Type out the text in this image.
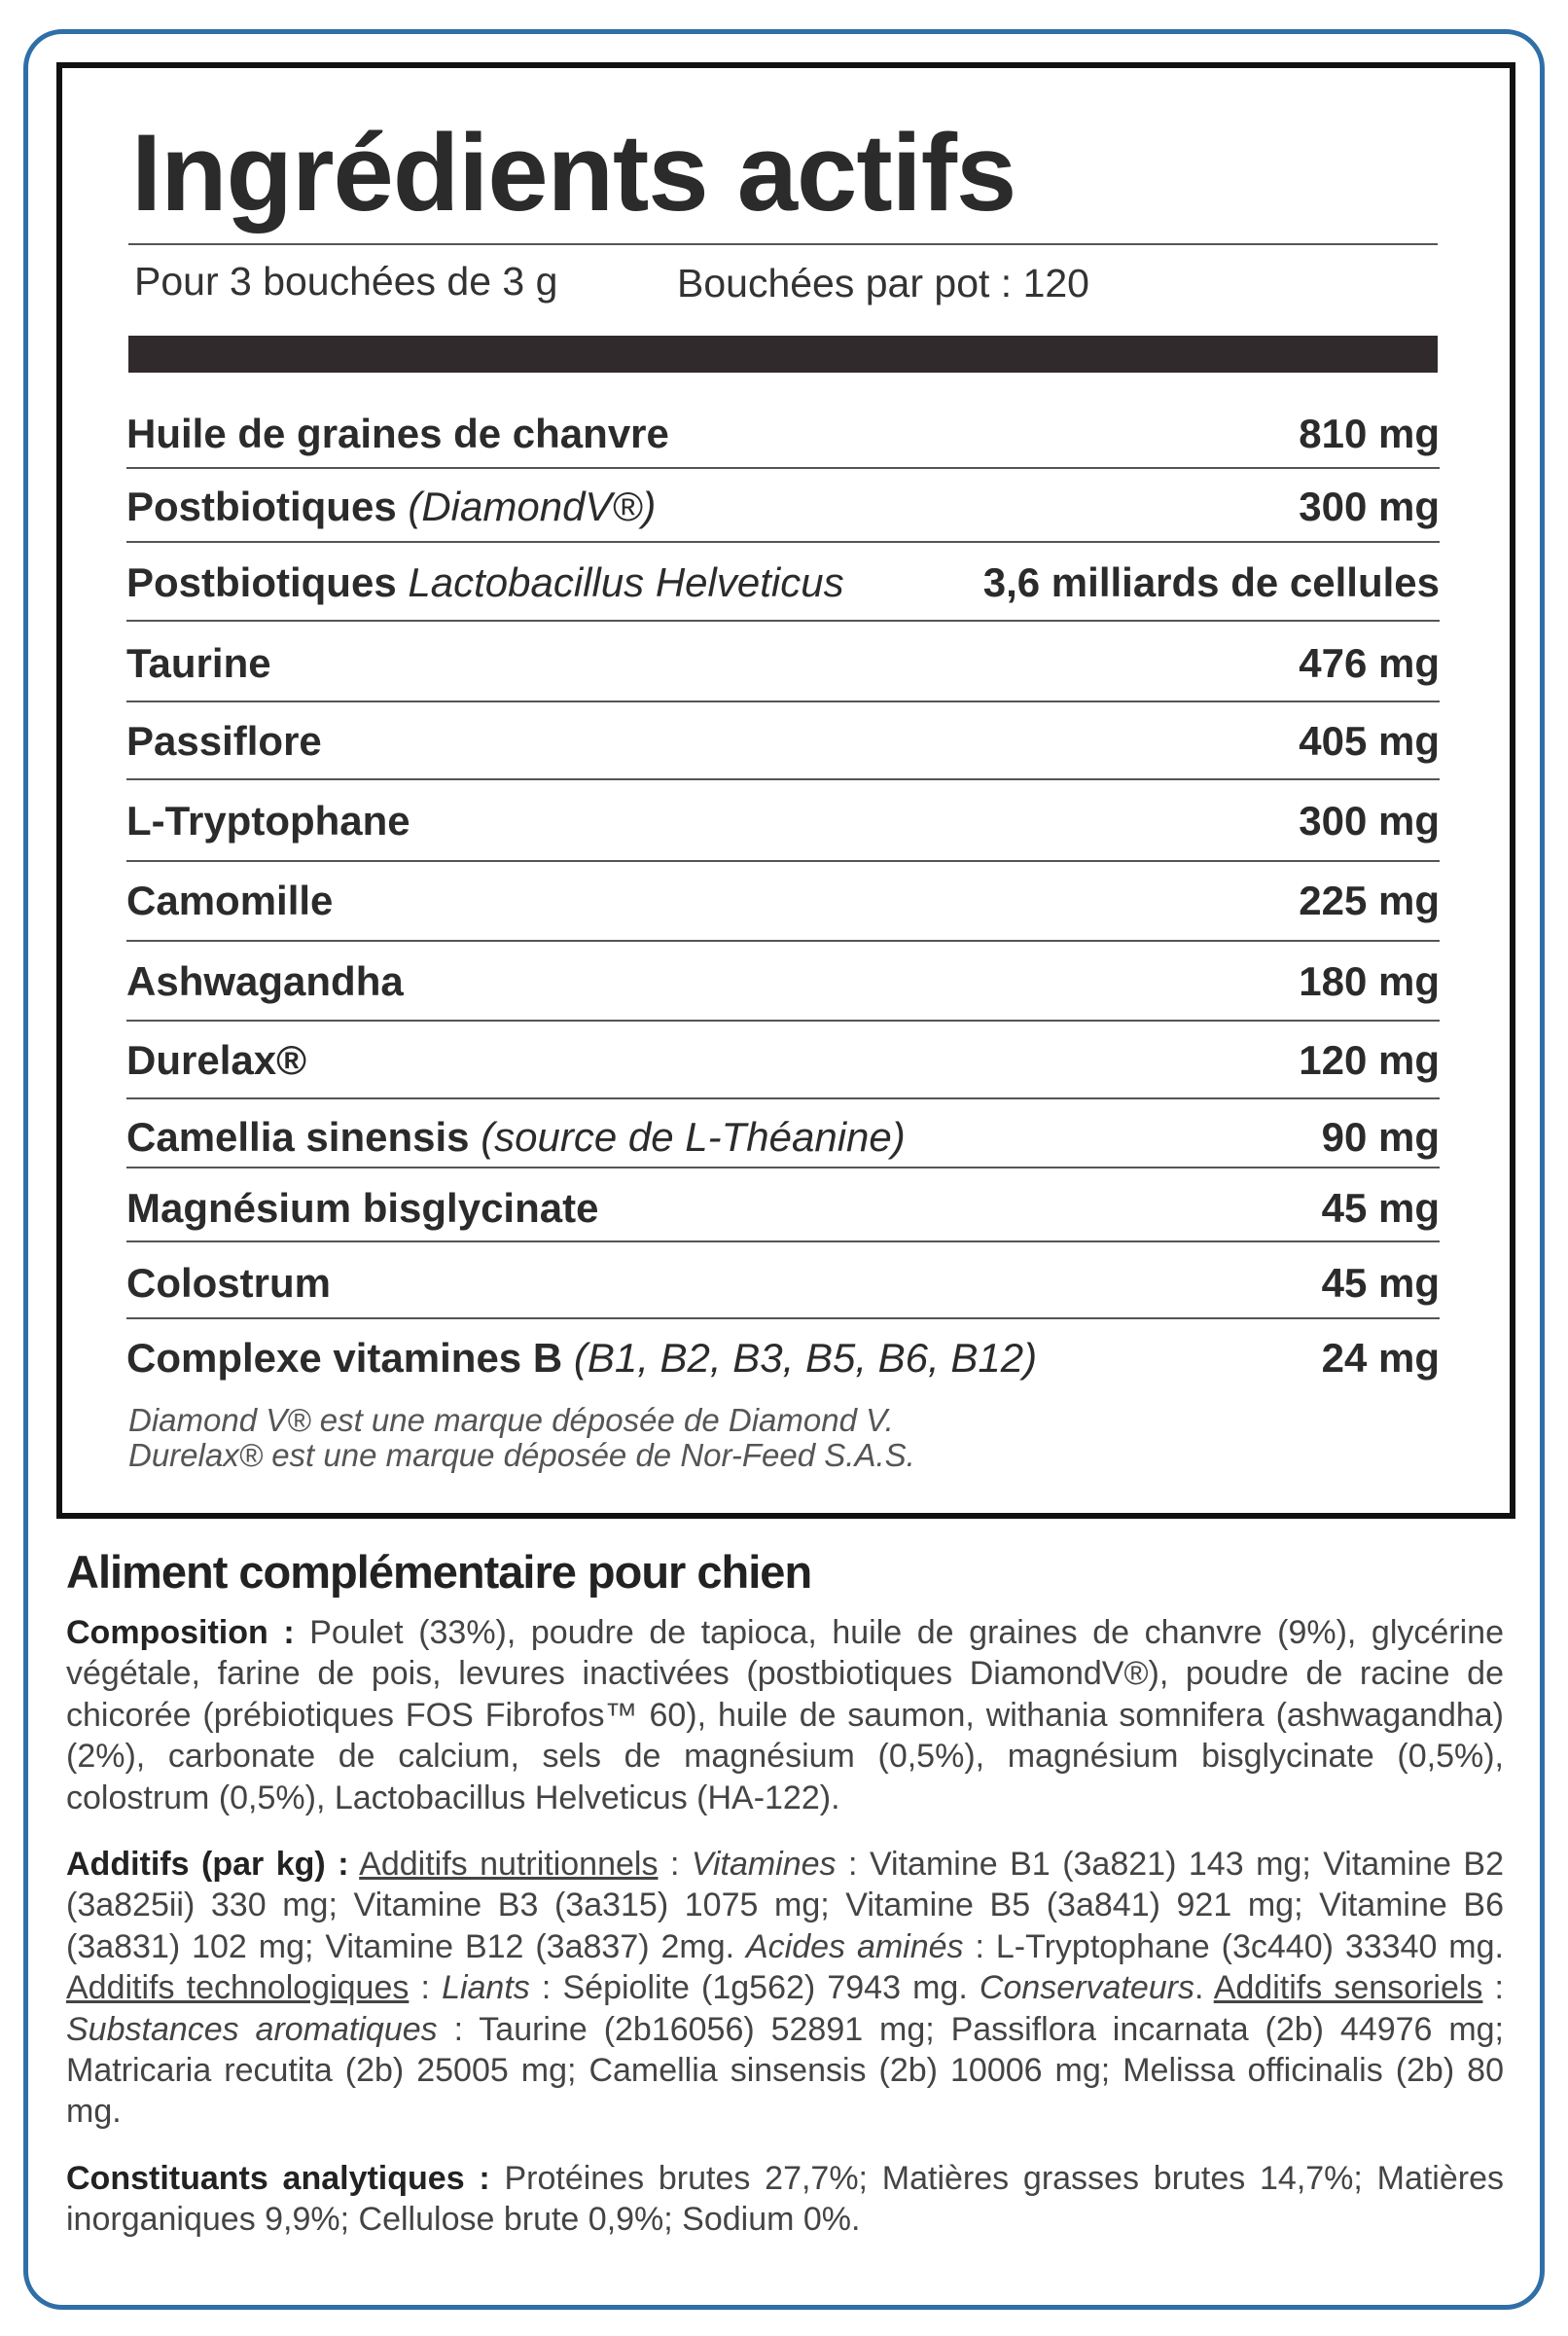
Ingrédients actifs
Pour 3 bouchées de 3 g	Bouchées par pot : 120
Huile de graines de chanvre	810 mg
Postbiotiques (DiamondV®)	300 mg
Postbiotiques Lactobacillus Helveticus	3,6 milliards de cellules
Taurine	476 mg
Passiflore	405 mg
L-Tryptophane	300 mg
Camomille	225 mg
Ashwagandha	180 mg
Durelax®	120 mg
Camellia sinensis (source de L-Théanine)	90 mg
Magnésium bisglycinate	45 mg
Colostrum	45 mg
Complexe vitamines B (B1, B2, B3, B5, B6, B12)	24 mg
Diamond V® est une marque déposée de Diamond V.
Durelax® est une marque déposée de Nor-Feed S.A.S.
Aliment complémentaire pour chien

Composition : Poulet (33%), poudre de tapioca, huile de graines de chanvre (9%), glycérine végétale, farine de pois, levures inactivées (postbiotiques DiamondV®), poudre de racine de chicorée (prébiotiques FOS Fibrofos™ 60), huile de saumon, withania somnifera (ashwagandha) (2%), carbonate de calcium, sels de magnésium (0,5%), magnésium bisglycinate (0,5%), colostrum (0,5%), Lactobacillus Helveticus (HA-122).

Additifs (par kg) : Additifs nutritionnels : Vitamines : Vitamine B1 (3a821) 143 mg; Vitamine B2 (3a825ii) 330 mg; Vitamine B3 (3a315) 1075 mg; Vitamine B5 (3a841) 921 mg; Vitamine B6 (3a831) 102 mg; Vitamine B12 (3a837) 2mg. Acides aminés : L-Tryptophane (3c440) 33340 mg. Additifs technologiques : Liants : Sépiolite (1g562) 7943 mg. Conservateurs. Additifs sensoriels : Substances aromatiques : Taurine (2b16056) 52891 mg; Passiflora incarnata (2b) 44976 mg; Matricaria recutita (2b) 25005 mg; Camellia sinsensis (2b) 10006 mg; Melissa officinalis (2b) 80 mg.

Constituants analytiques : Protéines brutes 27,7%; Matières grasses brutes 14,7%; Matières inorganiques 9,9%; Cellulose brute 0,9%; Sodium 0%.
